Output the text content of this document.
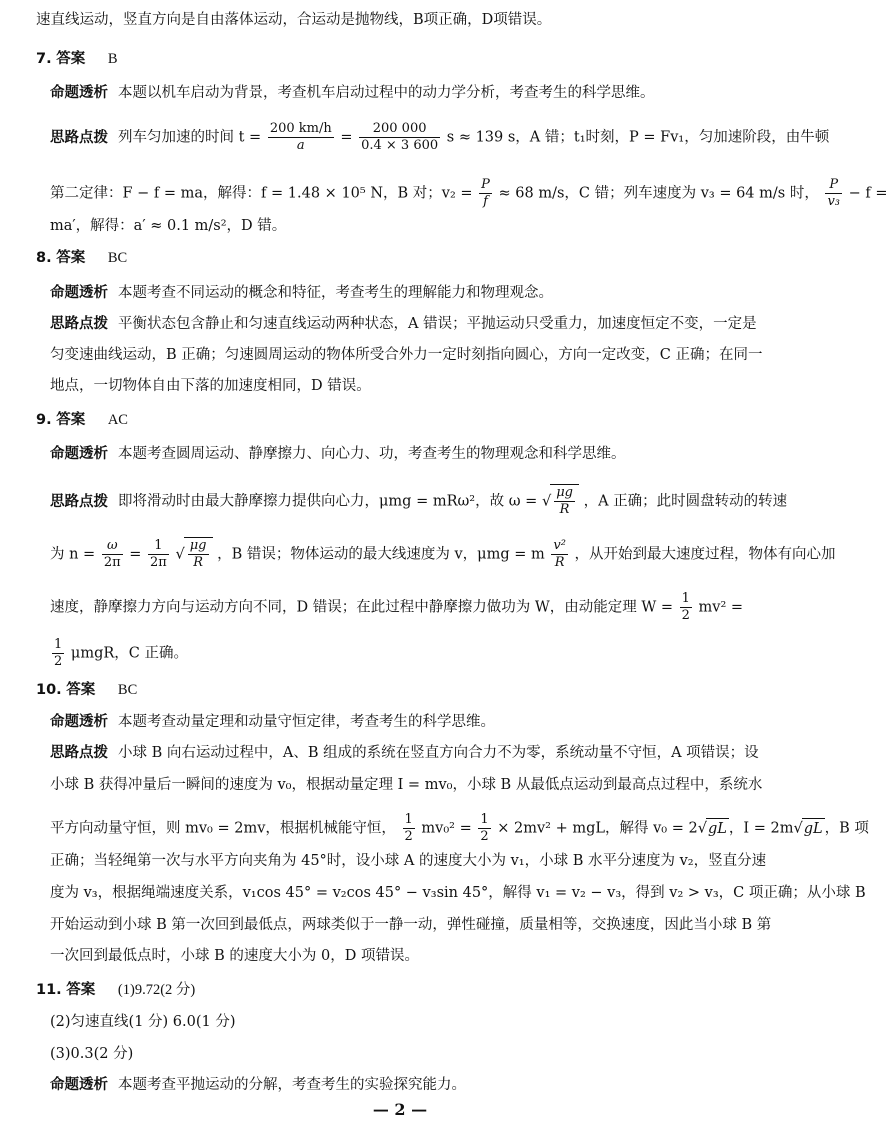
速直线运动，竖直方向是自由落体运动，合运动是抛物线，B项正确，D项错误。
7. 答案 B
命题透析 本题以机车启动为背景，考查机车启动过程中的动力学分析，考查考生的科学思维。
思路点拨 列车匀加速的时间 $t = \frac{200 km/h}{a} = \frac{200 000}{0.4 \times 3 600}$ s ≈ 139 s，A 错；t₁时刻，P = Fv₁，匀加速阶段，由牛顿
第二定律：F − f = ma，解得：f = 1.48 × 10⁵ N，B 对；$v_2 = \frac{P}{f} \approx 68$ m/s，C 错；列车速度为 v₃ = 64 m/s 时， $\frac{P}{\text{v₃}} - f$ =
ma′，解得：a′ ≈ 0.1 m/s²，D 错。
8. 答案 BC
命题透析 本题考查不同运动的概念和特征，考查考生的理解能力和物理观念。
思路点拨 平衡状态包含静止和匀速直线运动两种状态，A 错误；平抛运动只受重力，加速度恒定不变，一定是
匀变速曲线运动，B 正确；匀速圆周运动的物体所受合外力一定时刻指向圆心，方向一定改变，C 正确；在同一
地点，一切物体自由下落的加速度相同，D 错误。
9. 答案 AC
命题透析 本题考查圆周运动、静摩擦力、向心力、功，考查考生的物理观念和科学思维。
思路点拨 即将滑动时由最大静摩擦力提供向心力，μmg = mRω²，故 ω = √ $\frac{\mu g}{R}$ ，A 正确；此时圆盘转动的转速
为 $n = \frac{\omega}{2\pi} = \frac{1}{2\pi}$ √ $\frac{\mu g}{R}$ ，B 错误；物体运动的最大线速度为 v，μmg = m $\frac{\text{v²}}{R}$ ，从开始到最大速度过程，物体有向心加
速度，静摩擦力方向与运动方向不同，D 错误；在此过程中静摩擦力做功为 W，由动能定理 $W = \frac{1}{2} mv^2$ =
$\frac{1}{2}$ μmgR，C 正确。
10. 答案 BC
命题透析 本题考查动量定理和动量守恒定律，考查考生的科学思维。
思路点拨 小球 B 向右运动过程中，A、B 组成的系统在竖直方向合力不为零，系统动量不守恒，A 项错误；设
小球 B 获得冲量后一瞬间的速度为 v₀，根据动量定理 I = mv₀，小球 B 从最低点运动到最高点过程中，系统水
平方向动量守恒，则 mv₀ = 2mv，根据机械能守恒， $\frac{1}{2} mv_0^2 = \frac{1}{2} \times 2mv^2$ + mgL，解得 v₀ = 2√gL ，I = 2m√gL ，B 项
正确；当轻绳第一次与水平方向夹角为 45°时，设小球 A 的速度大小为 v₁，小球 B 水平分速度为 v₂，竖直分速
度为 v₃，根据绳端速度关系，v₁cos 45° = v₂cos 45° − v₃sin 45°，解得 v₁ = v₂ − v₃，得到 v₂ > v₃，C 项正确；从小球 B
开始运动到小球 B 第一次回到最低点，两球类似于一静一动，弹性碰撞，质量相等，交换速度，因此当小球 B 第
一次回到最低点时，小球 B 的速度大小为 0，D 项错误。
11. 答案 (1)9.72(2 分)
(2)匀速直线(1 分) 6.0(1 分)
(3)0.3(2 分)
命题透析 本题考查平抛运动的分解，考查考生的实验探究能力。
— 2 —
